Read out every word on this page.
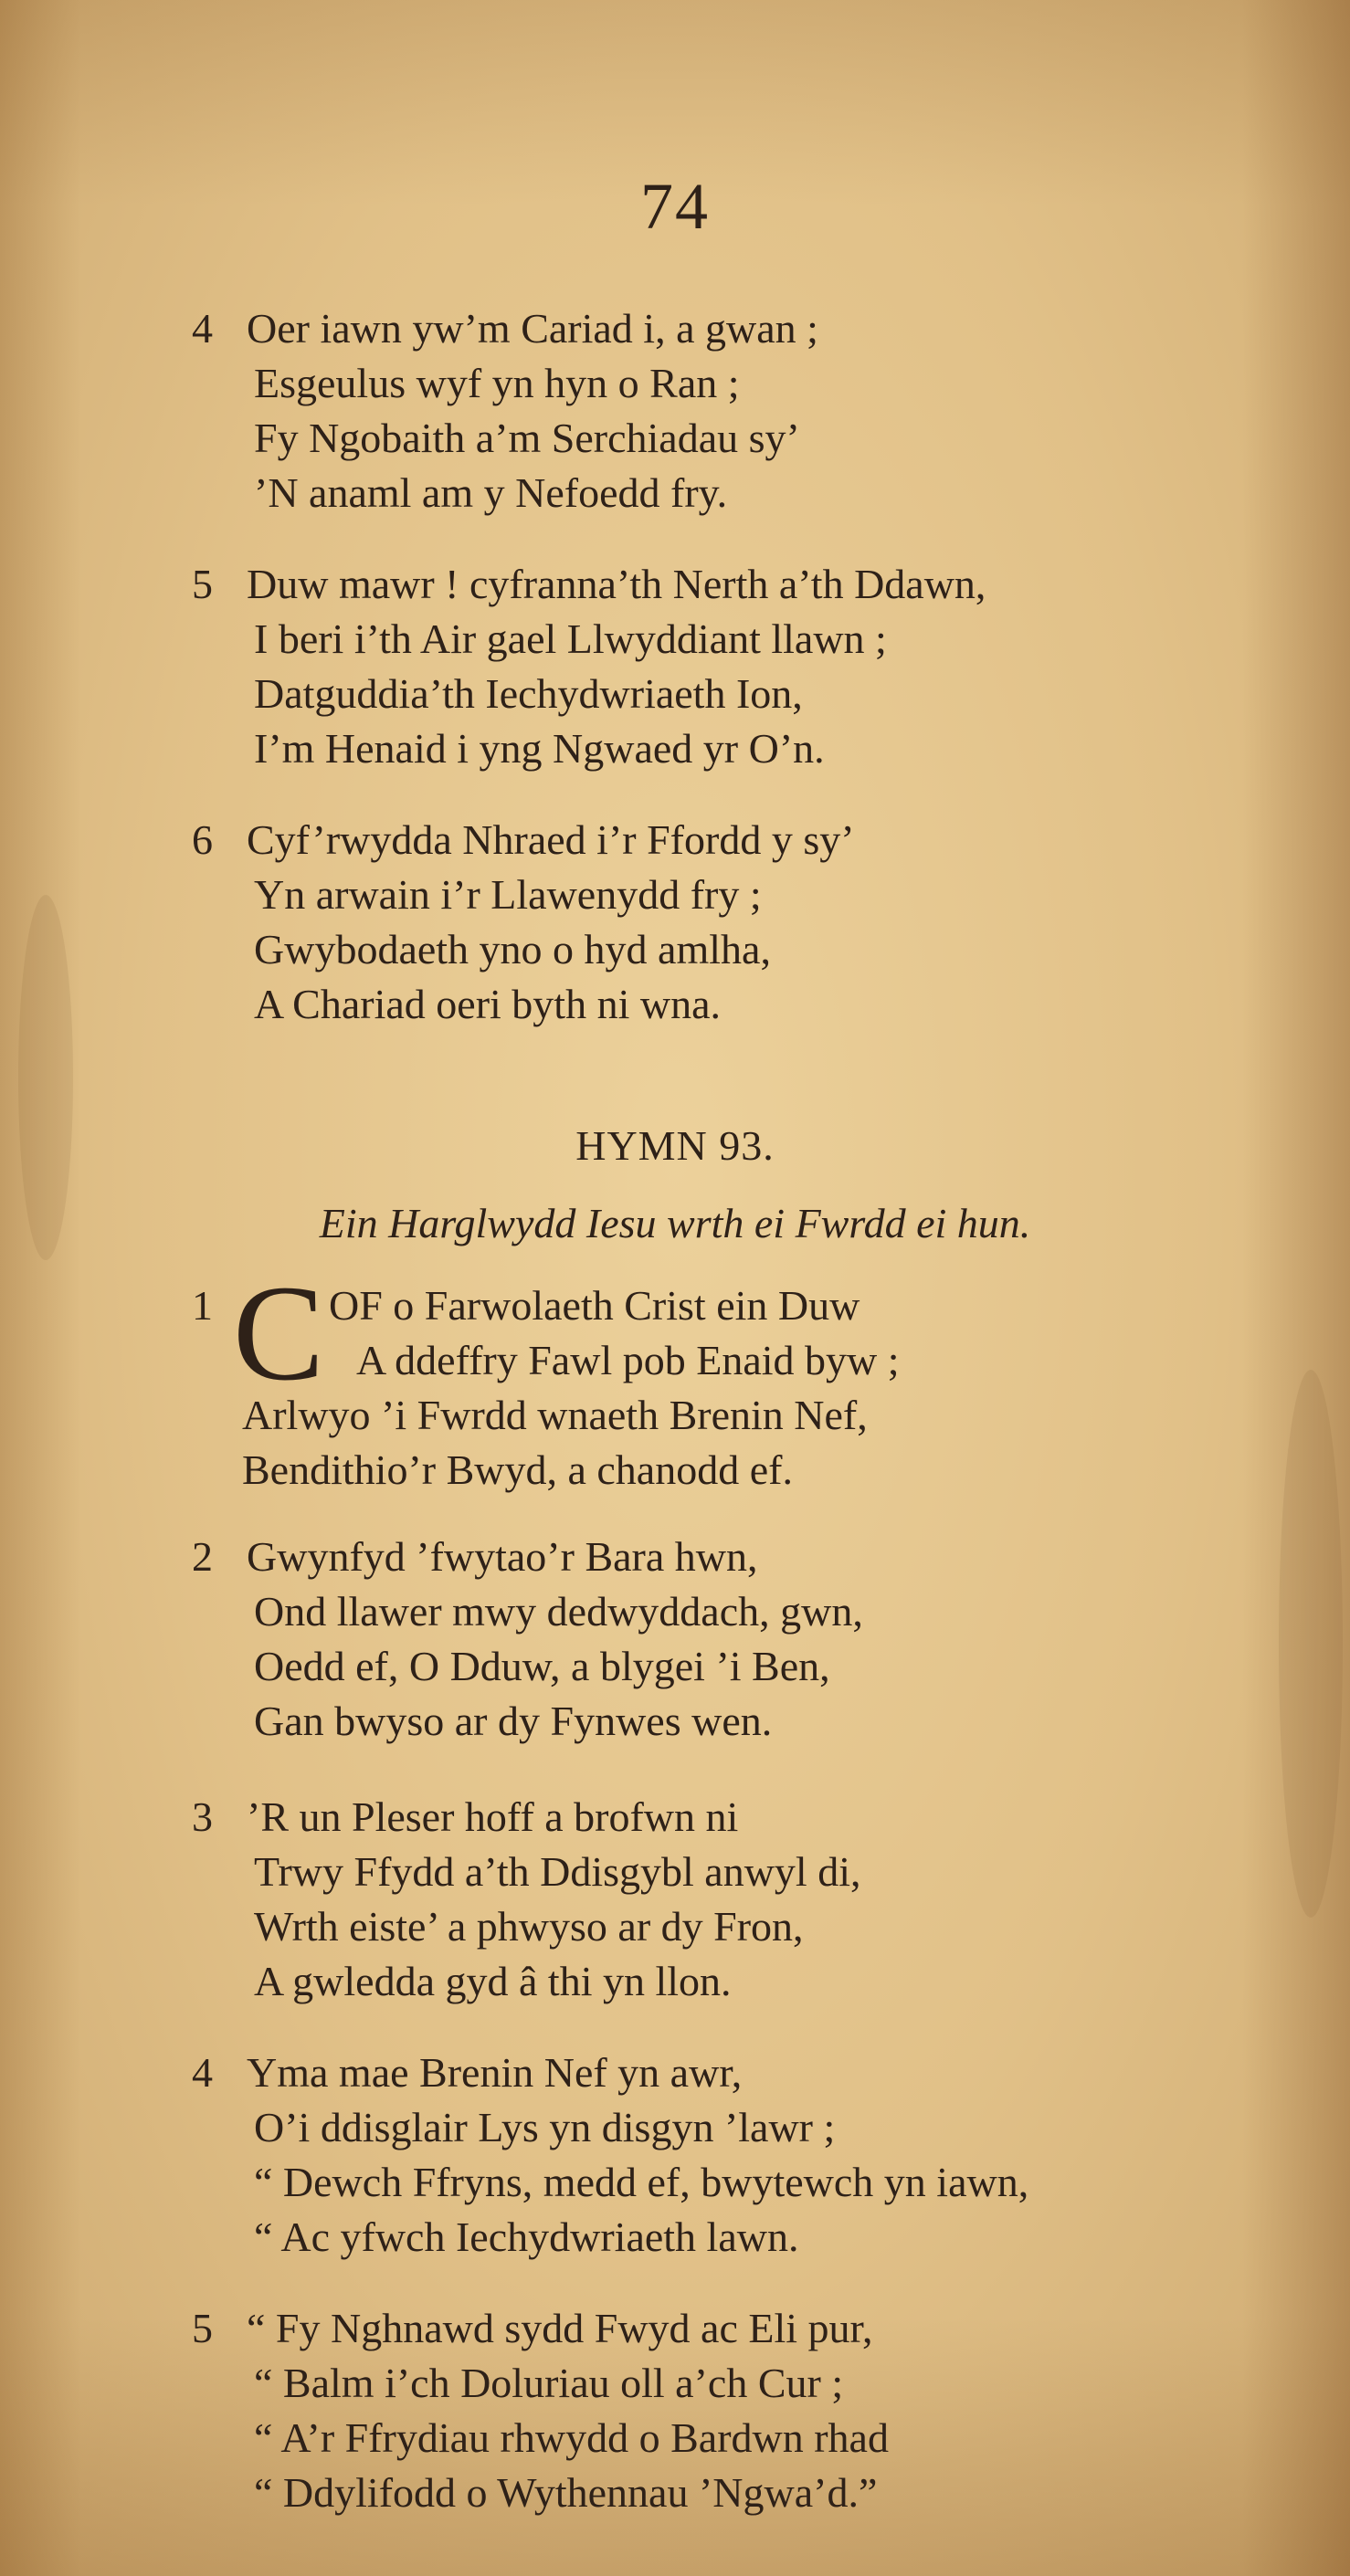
74
4 Oer iawn yw’m Cariad i, a gwan ;
Esgeulus wyf yn hyn o Ran ;
Fy Ngobaith a’m Serchiadau sy’
’N anaml am y Nefoedd fry.
5 Duw mawr ! cyfranna’th Nerth a’th Ddawn,
I beri i’th Air gael Llwyddiant llawn ;
Datguddia’th Iechydwriaeth Ion,
I’m Henaid i yng Ngwaed yr O’n.
6 Cyf’rwydda Nhraed i’r Ffordd y sy’
Yn arwain i’r Llawenydd fry ;
Gwybodaeth yno o hyd amlha,
A Chariad oeri byth ni wna.
HYMN 93.
Ein Harglwydd Iesu wrth ei Fwrdd ei hun.
C
1	OF o Farwolaeth Crist ein Duw
A ddeffry Fawl pob Enaid byw ;
Arlwyo ’i Fwrdd wnaeth Brenin Nef,
Bendithio’r Bwyd, a chanodd ef.
2 Gwynfyd ’fwytao’r Bara hwn,
Ond llawer mwy dedwyddach, gwn,
Oedd ef, O Dduw, a blygei ’i Ben,
Gan bwyso ar dy Fynwes wen.
3 ’R un Pleser hoff a brofwn ni
Trwy Ffydd a’th Ddisgybl anwyl di,
Wrth eiste’ a phwyso ar dy Fron,
A gwledda gyd â thi yn llon.
4 Yma mae Brenin Nef yn awr,
O’i ddisglair Lys yn disgyn ’lawr ;
“ Dewch Ffryns, medd ef, bwytewch yn iawn,
“ Ac yfwch Iechydwriaeth lawn.
5 “ Fy Nghnawd sydd Fwyd ac Eli pur,
“ Balm i’ch Doluriau oll a’ch Cur ;
“ A’r Ffrydiau rhwydd o Bardwn rhad
“ Ddylifodd o Wythennau ’Ngwa’d.”
